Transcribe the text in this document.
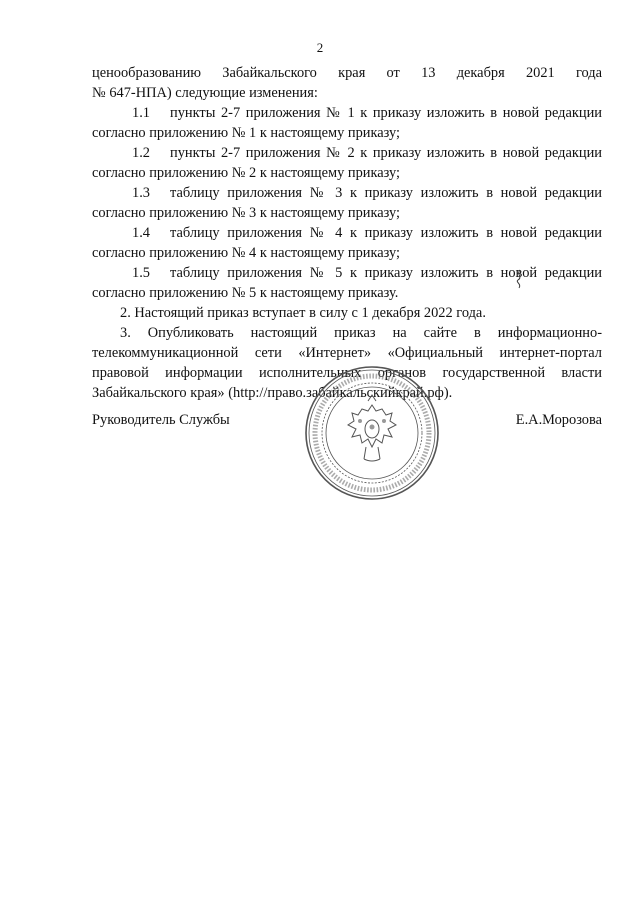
2
ценообразованию Забайкальского края от 13 декабря 2021 года
№ 647-НПА) следующие изменения:
1.1 пункты 2-7 приложения № 1 к приказу изложить в новой редакции
согласно приложению № 1 к настоящему приказу;
1.2 пункты 2-7 приложения № 2 к приказу изложить в новой редакции
согласно приложению № 2 к настоящему приказу;
1.3 таблицу приложения № 3 к приказу изложить в новой редакции
согласно приложению № 3 к настоящему приказу;
1.4 таблицу приложения № 4 к приказу изложить в новой редакции
согласно приложению № 4 к настоящему приказу;
1.5 таблицу приложения № 5 к приказу изложить в новой редакции
согласно приложению № 5 к настоящему приказу.
2. Настоящий приказ вступает в силу с 1 декабря 2022 года.
3. Опубликовать настоящий приказ на сайте в информационно-
телекоммуникационной сети «Интернет» «Официальный интернет-портал
правовой информации исполнительных органов государственной власти
Забайкальского края» (http://право.забайкальскийкрай.рф).
Руководитель Службы	Е.А.Морозова
